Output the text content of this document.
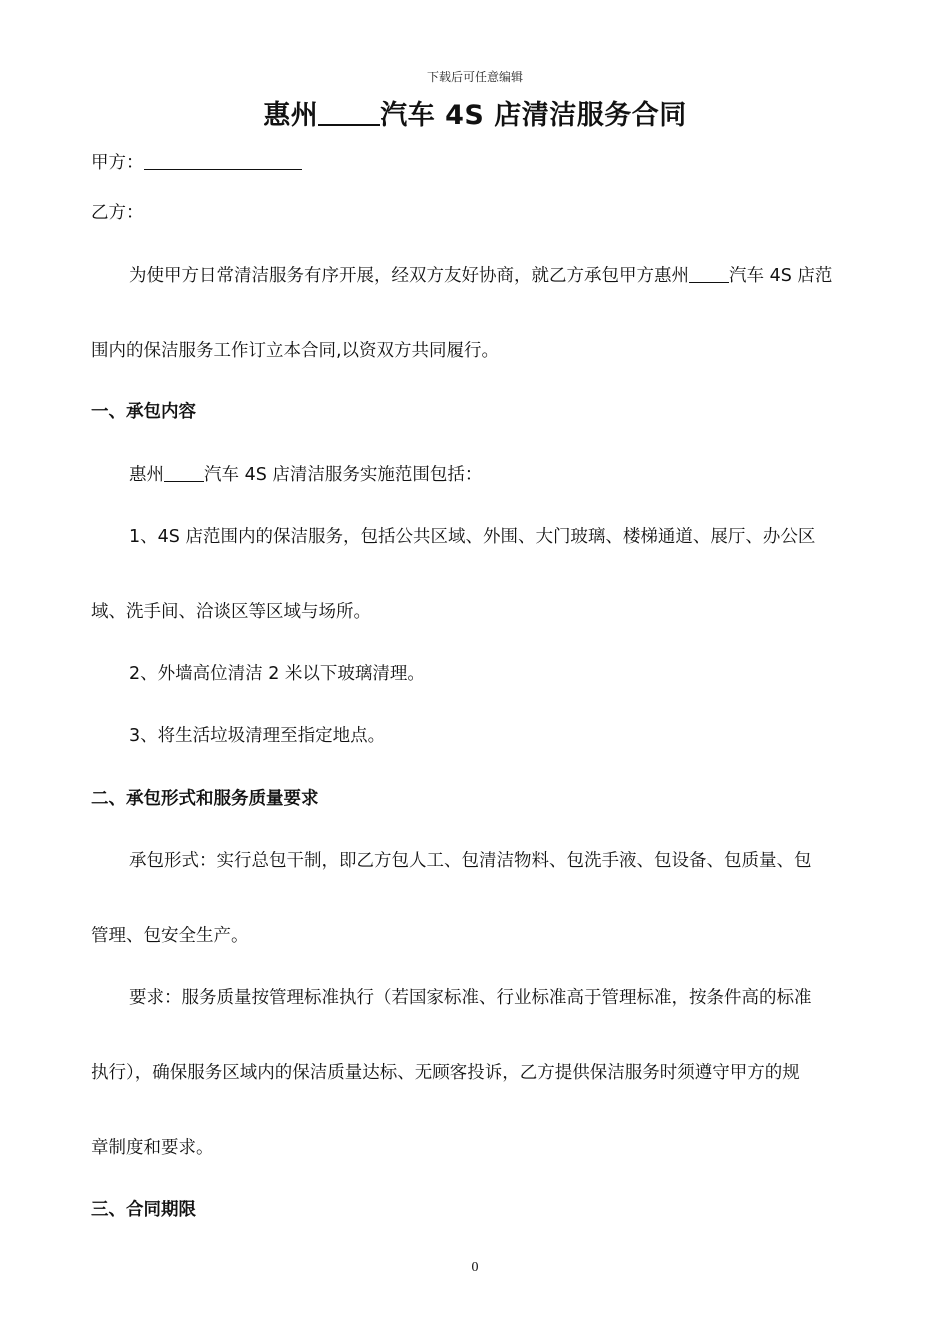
下载后可任意编辑
惠州 汽车 4S 店清洁服务合同
甲方：
乙方：
为使甲方日常清洁服务有序开展，经双方友好协商，就乙方承包甲方惠州 汽车 4S 店范
围内的保洁服务工作订立本合同,以资双方共同履行。
一、承包内容
惠州 汽车 4S 店清洁服务实施范围包括：
1、4S 店范围内的保洁服务，包括公共区域、外围、大门玻璃、楼梯通道、展厅、办公区
域、洗手间、洽谈区等区域与场所。
2、外墙高位清洁 2 米以下玻璃清理。
3、将生活垃圾清理至指定地点。
二、承包形式和服务质量要求
承包形式：实行总包干制，即乙方包人工、包清洁物料、包洗手液、包设备、包质量、包
管理、包安全生产。
要求：服务质量按管理标准执行（若国家标准、行业标准高于管理标准，按条件高的标准
执行），确保服务区域内的保洁质量达标、无顾客投诉，乙方提供保洁服务时须遵守甲方的规
章制度和要求。
三、合同期限
0
